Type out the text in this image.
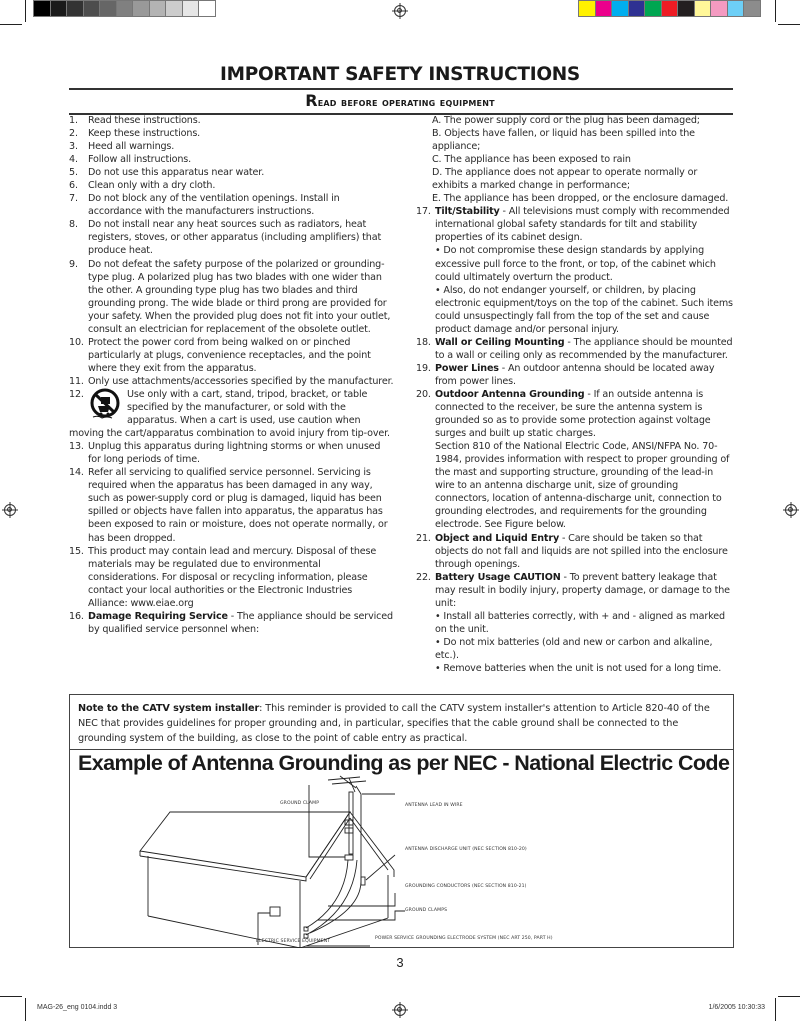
IMPORTANT SAFETY INSTRUCTIONS
Read before operating equipment
1.	Read these instructions.
2.	Keep these instructions.
3.	Heed all warnings.
4.	Follow all instructions.
5.	Do not use this apparatus near water.
6.	Clean only with a dry cloth.
7.	Do not block any of the ventilation openings. Install in accordance with the manufacturers instructions.
8.	Do not install near any heat sources such as radiators, heat registers, stoves, or other apparatus (including amplifiers) that produce heat.
9.	Do not defeat the safety purpose of the polarized or grounding-type plug. A polarized plug has two blades with one wider than the other. A grounding type plug has two blades and third grounding prong. The wide blade or third prong are provided for your safety. When the provided plug does not fit into your outlet, consult an electrician for replacement of the obsolete outlet.
10. Protect the power cord from being walked on or pinched particularly at plugs, convenience receptacles, and the point where they exit from the apparatus.
11. Only use attachments/accessories specified by the manufacturer.
12.	Use only with a cart, stand, tripod, bracket, or table specified by the manufacturer, or sold with the apparatus. When a cart is used, use caution when
moving the cart/apparatus combination to avoid injury from tip-over.
13. Unplug this apparatus during lightning storms or when unused for long periods of time.
14. Refer all servicing to qualified service personnel. Servicing is required when the apparatus has been damaged in any way, such as power-supply cord or plug is damaged, liquid has been spilled or objects have fallen into apparatus, the apparatus has been exposed to rain or moisture, does not operate normally, or has been dropped.
15. This product may contain lead and mercury. Disposal of these materials may be regulated due to environmental considerations. For disposal or recycling information, please contact your local authorities or the Electronic Industries Alliance: www.eiae.org
16. Damage Requiring Service - The appliance should be serviced by qualified service personnel when:
A. The power supply cord or the plug has been damaged;
B. Objects have fallen, or liquid has been spilled into the appliance;
C. The appliance has been exposed to rain
D. The appliance does not appear to operate normally or exhibits a marked change in performance;
E. The appliance has been dropped, or the enclosure damaged.
17. Tilt/Stability - All televisions must comply with recommended international global safety standards for tilt and stability properties of its cabinet design.
• Do not compromise these design standards by applying excessive pull force to the front, or top, of the cabinet which could ultimately overturn the product.
• Also, do not endanger yourself, or children, by placing electronic equipment/toys on the top of the cabinet. Such items could unsuspectingly fall from the top of the set and cause product damage and/or personal injury.
18. Wall or Ceiling Mounting - The appliance should be mounted to a wall or ceiling only as recommended by the manufacturer.
19. Power Lines - An outdoor antenna should be located away from power lines.
20. Outdoor Antenna Grounding - If an outside antenna is connected to the receiver, be sure the antenna system is grounded so as to provide some protection against voltage surges and built up static charges.
Section 810 of the National Electric Code, ANSI/NFPA No. 70-1984, provides information with respect to proper grounding of the mast and supporting structure, grounding of the lead-in wire to an antenna discharge unit, size of grounding connectors, location of antenna-discharge unit, connection to grounding electrodes, and requirements for the grounding electrode. See Figure below.
21. Object and Liquid Entry - Care should be taken so that objects do not fall and liquids are not spilled into the enclosure through openings.
22. Battery Usage CAUTION - To prevent battery leakage that may result in bodily injury, property damage, or damage to the unit:
• Install all batteries correctly, with + and - aligned as marked on the unit.
• Do not mix batteries (old and new or carbon and alkaline, etc.).
• Remove batteries when the unit is not used for a long time.
Note to the CATV system installer: This reminder is provided to call the CATV system installer's attention to Article 820-40 of the NEC that provides guidelines for proper grounding and, in particular, specifies that the cable ground shall be connected to the grounding system of the building, as close to the point of cable entry as practical.
Example of Antenna Grounding as per NEC - National Electric Code
GROUND CLAMP	ANTENNA LEAD IN WIRE
ANTENNA DISCHARGE UNIT (NEC SECTION 810-20)
GROUNDING CONDUCTORS (NEC SECTION 810-21)
GROUND CLAMPS
ELECTRIC SERVICE EQUIPMENT
POWER SERVICE GROUNDING ELECTRODE SYSTEM (NEC ART 250, PART H)
3
MAG-26_eng 0104.indd 3	1/6/2005 10:30:33
